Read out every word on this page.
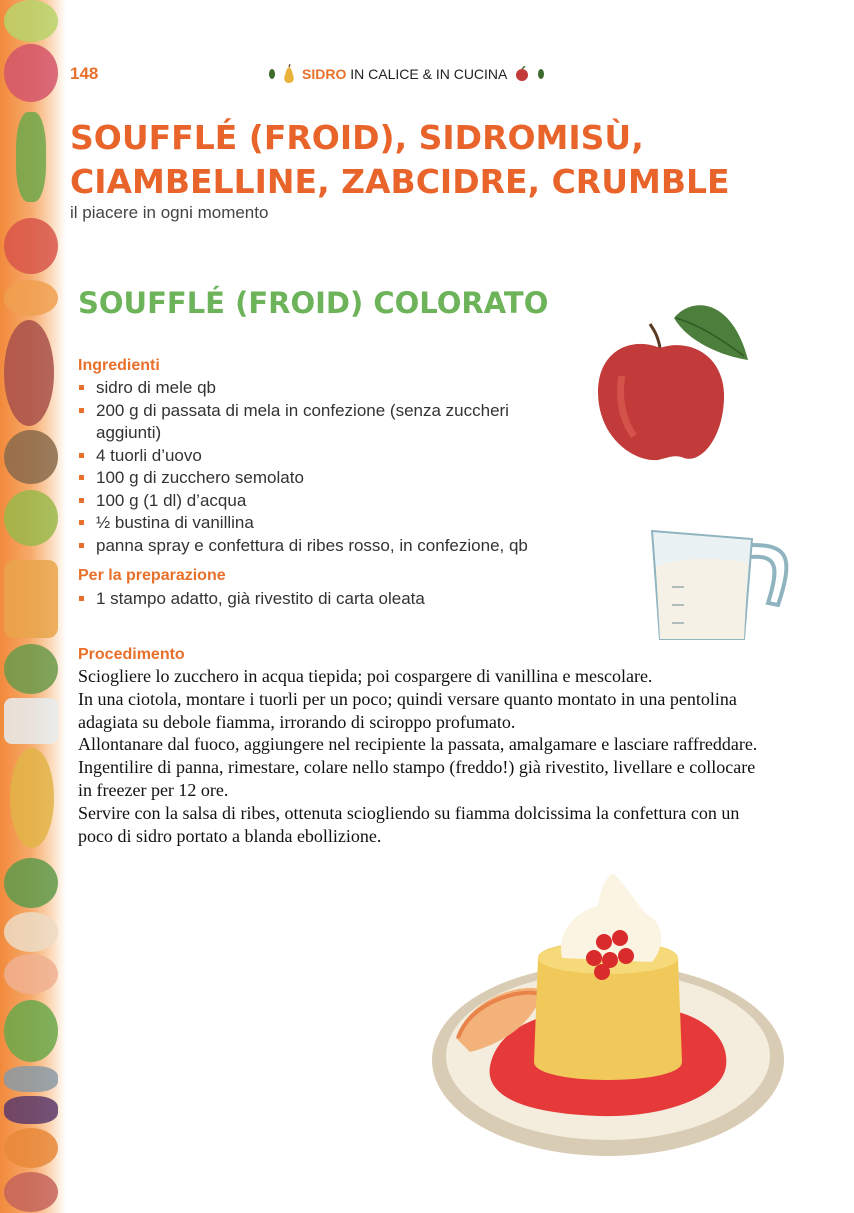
148	SIDRO IN CALICE & IN CUCINA
SOUFFLÉ (FROID), SIDROMISÙ, CIAMBELLINE, ZABCIDRE, CRUMBLE
il piacere in ogni momento
SOUFFLÉ (FROID) COLORATO
Ingredienti
sidro di mele qb
200 g di passata di mela in confezione (senza zuccheri aggiunti)
4 tuorli d’uovo
100 g di zucchero semolato
100 g (1 dl) d’acqua
½ bustina di vanillina
panna spray e confettura di ribes rosso, in confezione, qb
Per la preparazione
1 stampo adatto, già rivestito di carta oleata
Procedimento

Sciogliere lo zucchero in acqua tiepida; poi cospargere di vanillina e mescolare.

In una ciotola, montare i tuorli per un poco; quindi versare quanto montato in una pentolina adagiata su debole fiamma, irrorando di sciroppo profumato.

Allontanare dal fuoco, aggiungere nel recipiente la passata, amalgamare e lasciare raffreddare.

Ingentilire di panna, rimestare, colare nello stampo (freddo!) già rivestito, livellare e collocare in freezer per 12 ore.

Servire con la salsa di ribes, ottenuta sciogliendo su fiamma dolcissima la confettura con un poco di sidro portato a blanda ebollizione.
